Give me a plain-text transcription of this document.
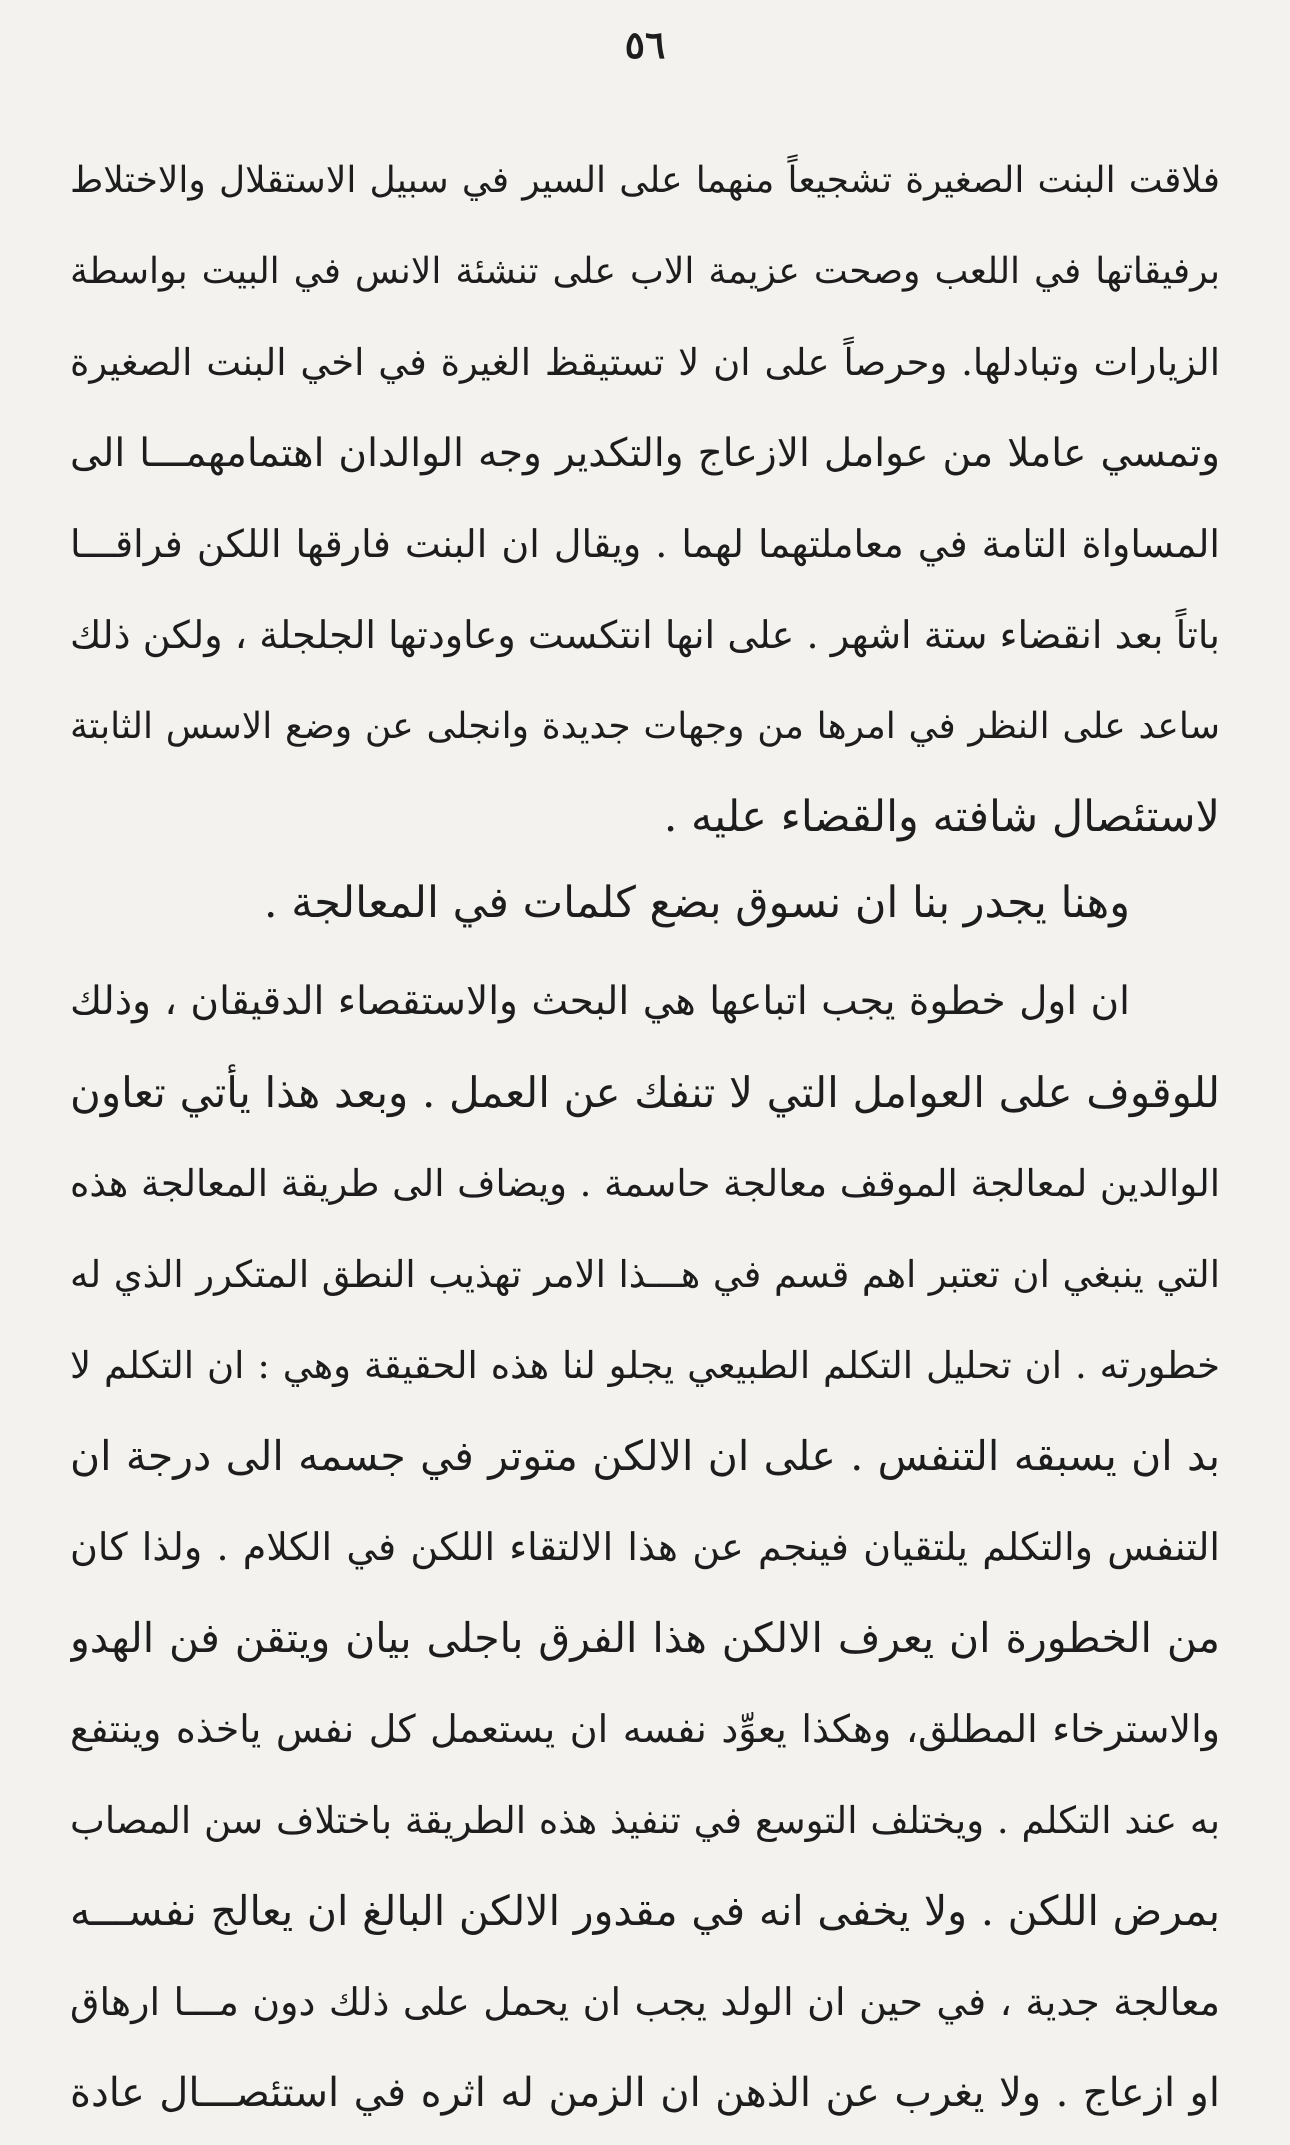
٥٦
فلاقت البنت الصغيرة تشجيعاً منهما على السير في سبيل الاستقلال والاختلاط
برفيقاتها في اللعب وصحت عزيمة الاب على تنشئة الانس في البيت بواسطة
الزيارات وتبادلها. وحرصاً على ان لا تستيقظ الغيرة في اخي البنت الصغيرة
وتمسي عاملا من عوامل الازعاج والتكدير وجه الوالدان اهتمامهمـــا الى
المساواة التامة في معاملتهما لهما . ويقال ان البنت فارقها اللكن فراقـــا
باتاً بعد انقضاء ستة اشهر . على انها انتكست وعاودتها الجلجلة ، ولكن ذلك
ساعد على النظر في امرها من وجهات جديدة وانجلى عن وضع الاسس الثابتة
لاستئصال شافته والقضاء عليه .
وهنا يجدر بنا ان نسوق بضع كلمات في المعالجة .
ان اول خطوة يجب اتباعها هي البحث والاستقصاء الدقيقان ، وذلك
للوقوف على العوامل التي لا تنفك عن العمل . وبعد هذا يأتي تعاون
الوالدين لمعالجة الموقف معالجة حاسمة . ويضاف الى طريقة المعالجة هذه
التي ينبغي ان تعتبر اهم قسم في هـــذا الامر تهذيب النطق المتكرر الذي له
خطورته . ان تحليل التكلم الطبيعي يجلو لنا هذه الحقيقة وهي : ان التكلم لا
بد ان يسبقه التنفس . على ان الالكن متوتر في جسمه الى درجة ان
التنفس والتكلم يلتقيان فينجم عن هذا الالتقاء اللكن في الكلام . ولذا كان
من الخطورة ان يعرف الالكن هذا الفرق باجلى بيان ويتقن فن الهدو
والاسترخاء المطلق، وهكذا يعوِّد نفسه ان يستعمل كل نفس ياخذه وينتفع
به عند التكلم . ويختلف التوسع في تنفيذ هذه الطريقة باختلاف سن المصاب
بمرض اللكن . ولا يخفى انه في مقدور الالكن البالغ ان يعالج نفســـه
معالجة جدية ، في حين ان الولد يجب ان يحمل على ذلك دون مـــا ارهاق
او ازعاج . ولا يغرب عن الذهن ان الزمن له اثره في استئصـــال عادة
